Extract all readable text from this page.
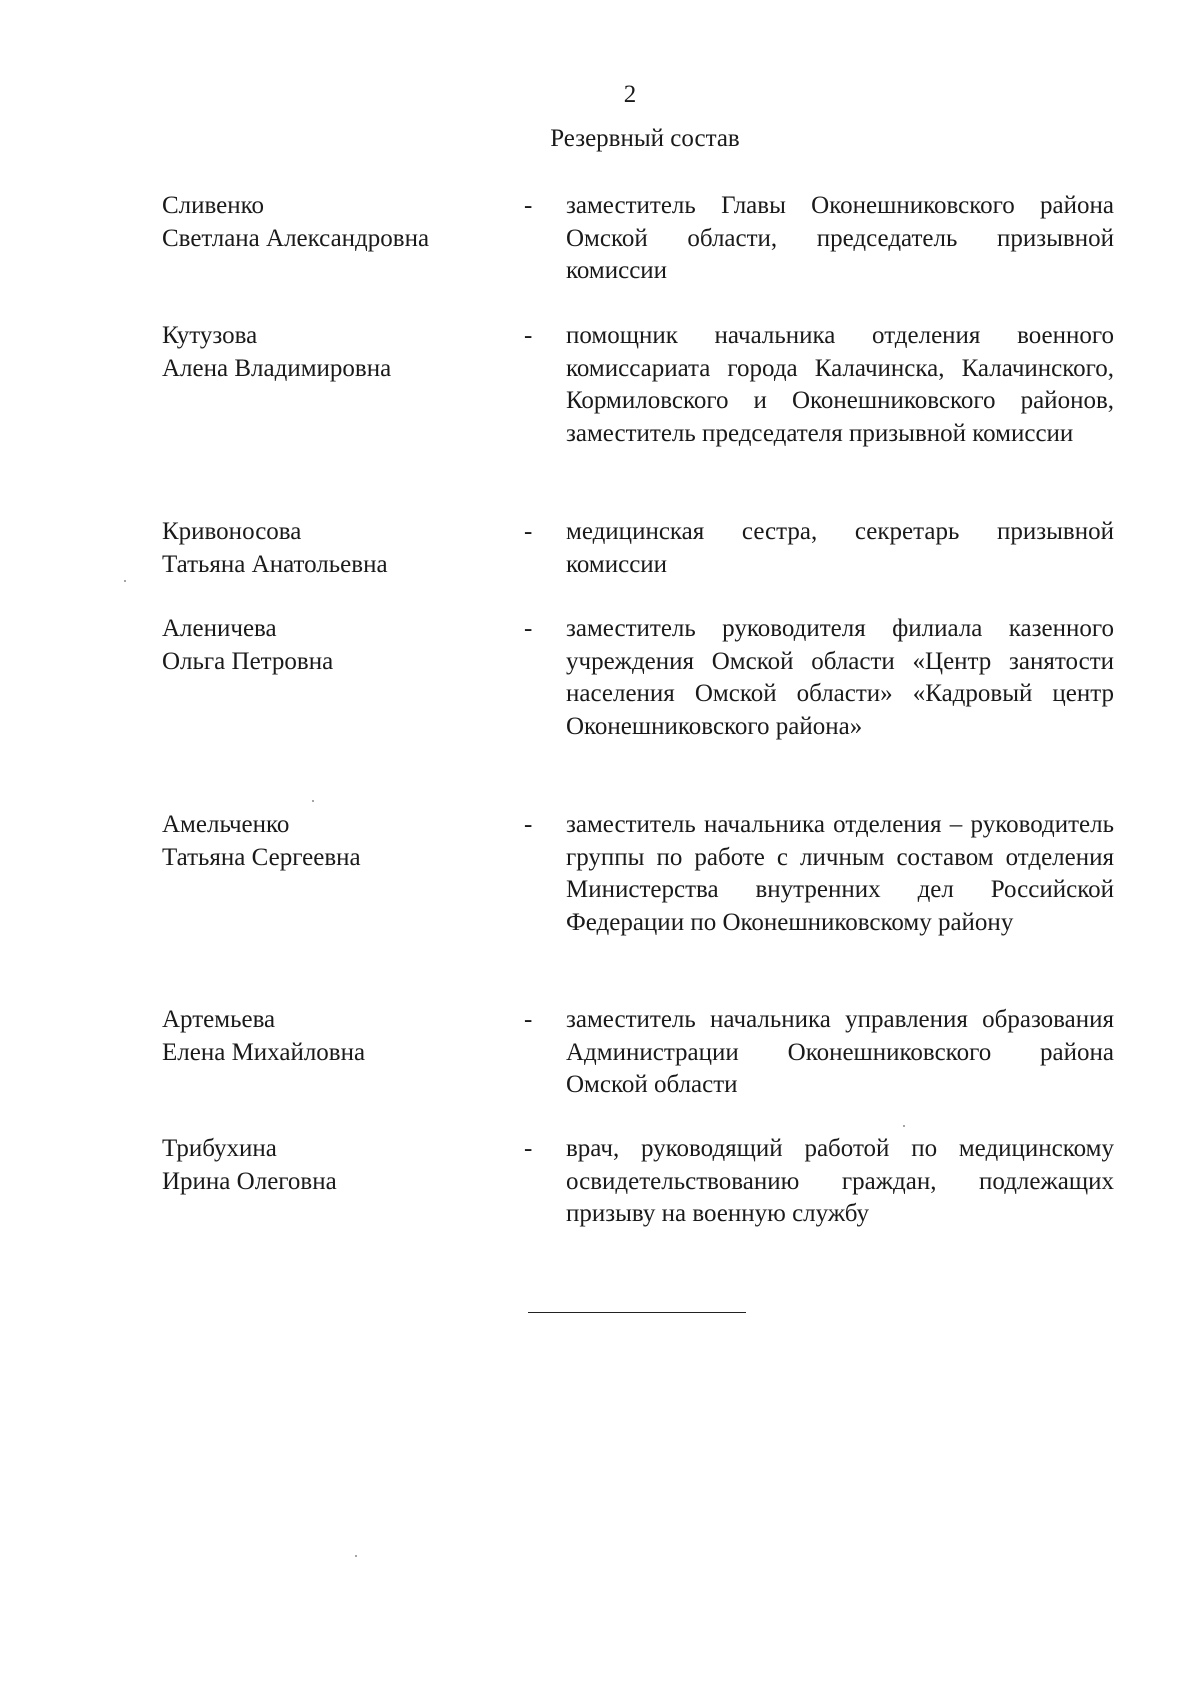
2
Резервный состав
Сливенко
Светлана Александровна
- заместитель Главы Оконешниковского района Омской области, председатель призывной комиссии
Кутузова
Алена Владимировна
- помощник начальника отделения военного комиссариата города Калачинска, Калачинского, Кормиловского и Оконешниковского районов, заместитель председателя призывной комиссии
Кривоносова
Татьяна Анатольевна
- медицинская сестра, секретарь призывной комиссии
Аленичева
Ольга Петровна
- заместитель руководителя филиала казенного учреждения Омской области «Центр занятости населения Омской области» «Кадровый центр Оконешниковского района»
Амельченко
Татьяна Сергеевна
- заместитель начальника отделения – руководитель группы по работе с личным составом отделения Министерства внутренних дел Российской Федерации по Оконешниковскому району
Артемьева
Елена Михайловна
- заместитель начальника управления образования Администрации Оконешниковского района Омской области
Трибухина
Ирина Олеговна
- врач, руководящий работой по медицинскому освидетельствованию граждан, подлежащих призыву на военную службу
